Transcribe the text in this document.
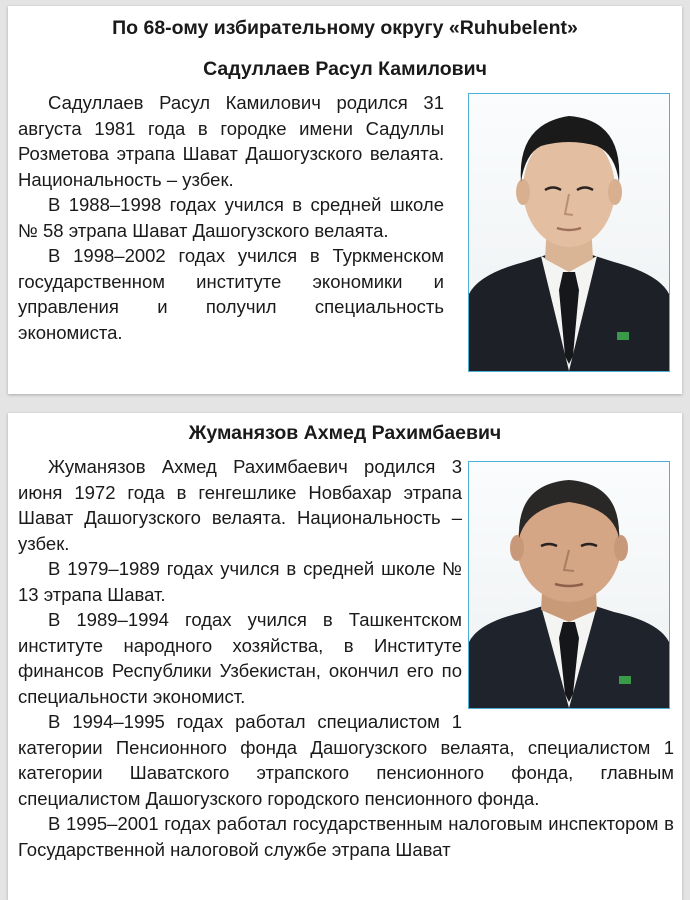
По 68-ому избирательному округу «Ruhubelent»
Садуллаев Расул Камилович

Садуллаев Расул Камилович родился 31 августа 1981 года в городке имени Садуллы Розметова этрапа Шават Дашогузского велаята. Национальность – узбек.

В 1988–1998 годах учился в средней школе № 58 этрапа Шават Дашогузского велаята.

В 1998–2002 годах учился в Туркменском государственном институте экономики и управления и получил специальность экономиста.

Жуманязов Ахмед Рахимбаевич

Жуманязов Ахмед Рахимбаевич родился 3 июня 1972 года в генгешлике Новбахар этрапа Шават Дашогузского велаята. Национальность – узбек.

В 1979–1989 годах учился в средней школе № 13 этрапа Шават.

В 1989–1994 годах учился в Ташкентском институте народного хозяйства, в Институте финансов Республики Узбекистан, окончил его по специальности экономист.

В 1994–1995 годах работал специалистом 1 категории Пенсионного фонда Дашогузского велаята, специалистом 1 категории Шаватского этрапского пенсионного фонда, главным специалистом Дашогузского городского пенсионного фонда.

В 1995–2001 годах работал государственным налоговым инспектором в Государственной налоговой службе этрапа Шават
